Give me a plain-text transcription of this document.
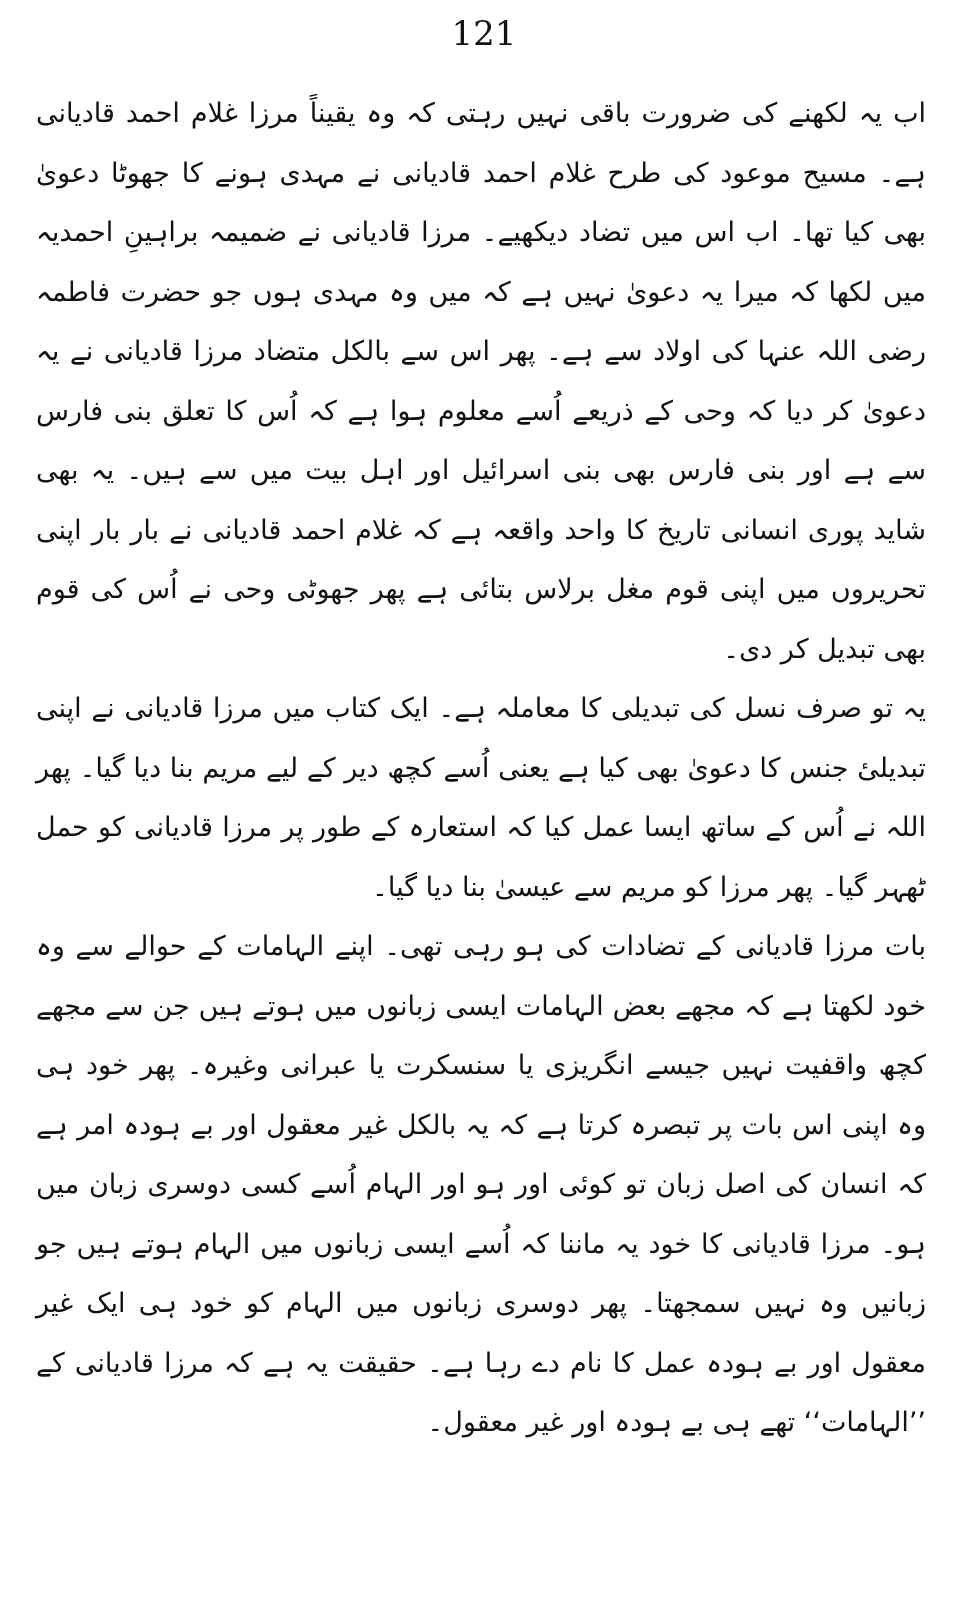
121

اب یہ لکھنے کی ضرورت باقی نہیں رہتی کہ وہ یقیناً مرزا غلام احمد قادیانی ہے۔ مسیح موعود کی طرح غلام احمد قادیانی نے مہدی ہونے کا جھوٹا دعویٰ بھی کیا تھا۔ اب اس میں تضاد دیکھیے۔ مرزا قادیانی نے ضمیمہ براہینِ احمدیہ میں لکھا کہ میرا یہ دعویٰ نہیں ہے کہ میں وہ مہدی ہوں جو حضرت فاطمہ رضی اللہ عنہا کی اولاد سے ہے۔ پھر اس سے بالکل متضاد مرزا قادیانی نے یہ دعویٰ کر دیا کہ وحی کے ذریعے اُسے معلوم ہوا ہے کہ اُس کا تعلق بنی فارس سے ہے اور بنی فارس بھی بنی اسرائیل اور اہل بیت میں سے ہیں۔ یہ بھی شاید پوری انسانی تاریخ کا واحد واقعہ ہے کہ غلام احمد قادیانی نے بار بار اپنی تحریروں میں اپنی قوم مغل برلاس بتائی ہے پھر جھوٹی وحی نے اُس کی قوم بھی تبدیل کر دی۔

یہ تو صرف نسل کی تبدیلی کا معاملہ ہے۔ ایک کتاب میں مرزا قادیانی نے اپنی تبدیلیٔ جنس کا دعویٰ بھی کیا ہے یعنی اُسے کچھ دیر کے لیے مریم بنا دیا گیا۔ پھر اللہ نے اُس کے ساتھ ایسا عمل کیا کہ استعارہ کے طور پر مرزا قادیانی کو حمل ٹھہر گیا۔ پھر مرزا کو مریم سے عیسیٰ بنا دیا گیا۔

بات مرزا قادیانی کے تضادات کی ہو رہی تھی۔ اپنے الہامات کے حوالے سے وہ خود لکھتا ہے کہ مجھے بعض الہامات ایسی زبانوں میں ہوتے ہیں جن سے مجھے کچھ واقفیت نہیں جیسے انگریزی یا سنسکرت یا عبرانی وغیرہ۔ پھر خود ہی وہ اپنی اس بات پر تبصرہ کرتا ہے کہ یہ بالکل غیر معقول اور بے ہودہ امر ہے کہ انسان کی اصل زبان تو کوئی اور ہو اور الہام اُسے کسی دوسری زبان میں ہو۔ مرزا قادیانی کا خود یہ ماننا کہ اُسے ایسی زبانوں میں الہام ہوتے ہیں جو زبانیں وہ نہیں سمجھتا۔ پھر دوسری زبانوں میں الہام کو خود ہی ایک غیر معقول اور بے ہودہ عمل کا نام دے رہا ہے۔ حقیقت یہ ہے کہ مرزا قادیانی کے ’’الہامات‘‘ تھے ہی بے ہودہ اور غیر معقول۔
